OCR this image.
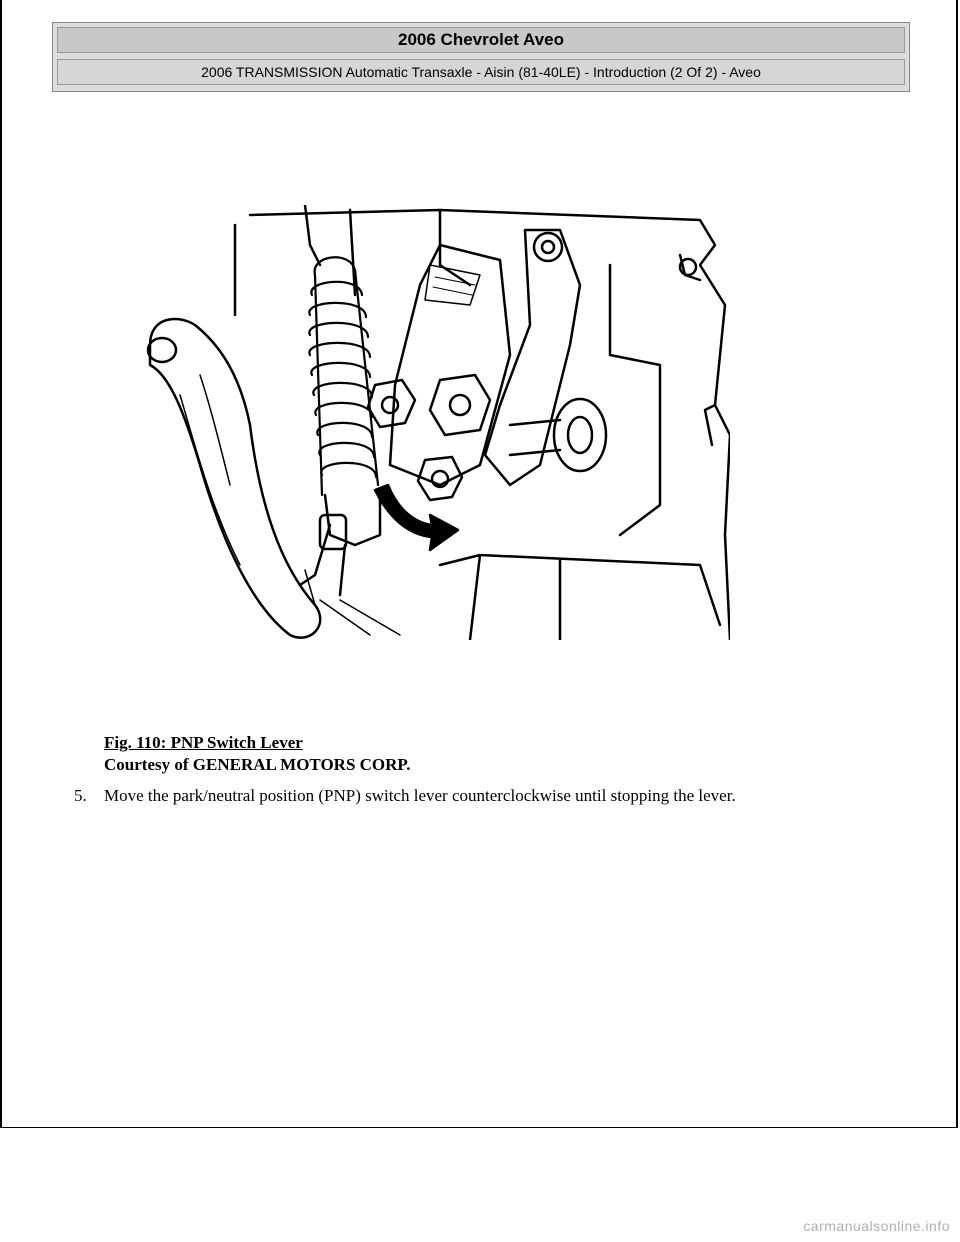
2006 Chevrolet Aveo
2006 TRANSMISSION Automatic Transaxle - Aisin (81-40LE) - Introduction (2 Of 2) - Aveo
Fig. 110: PNP Switch Lever
Courtesy of GENERAL MOTORS CORP.
5. Move the park/neutral position (PNP) switch lever counterclockwise until stopping the lever.
carmanualsonline.info
